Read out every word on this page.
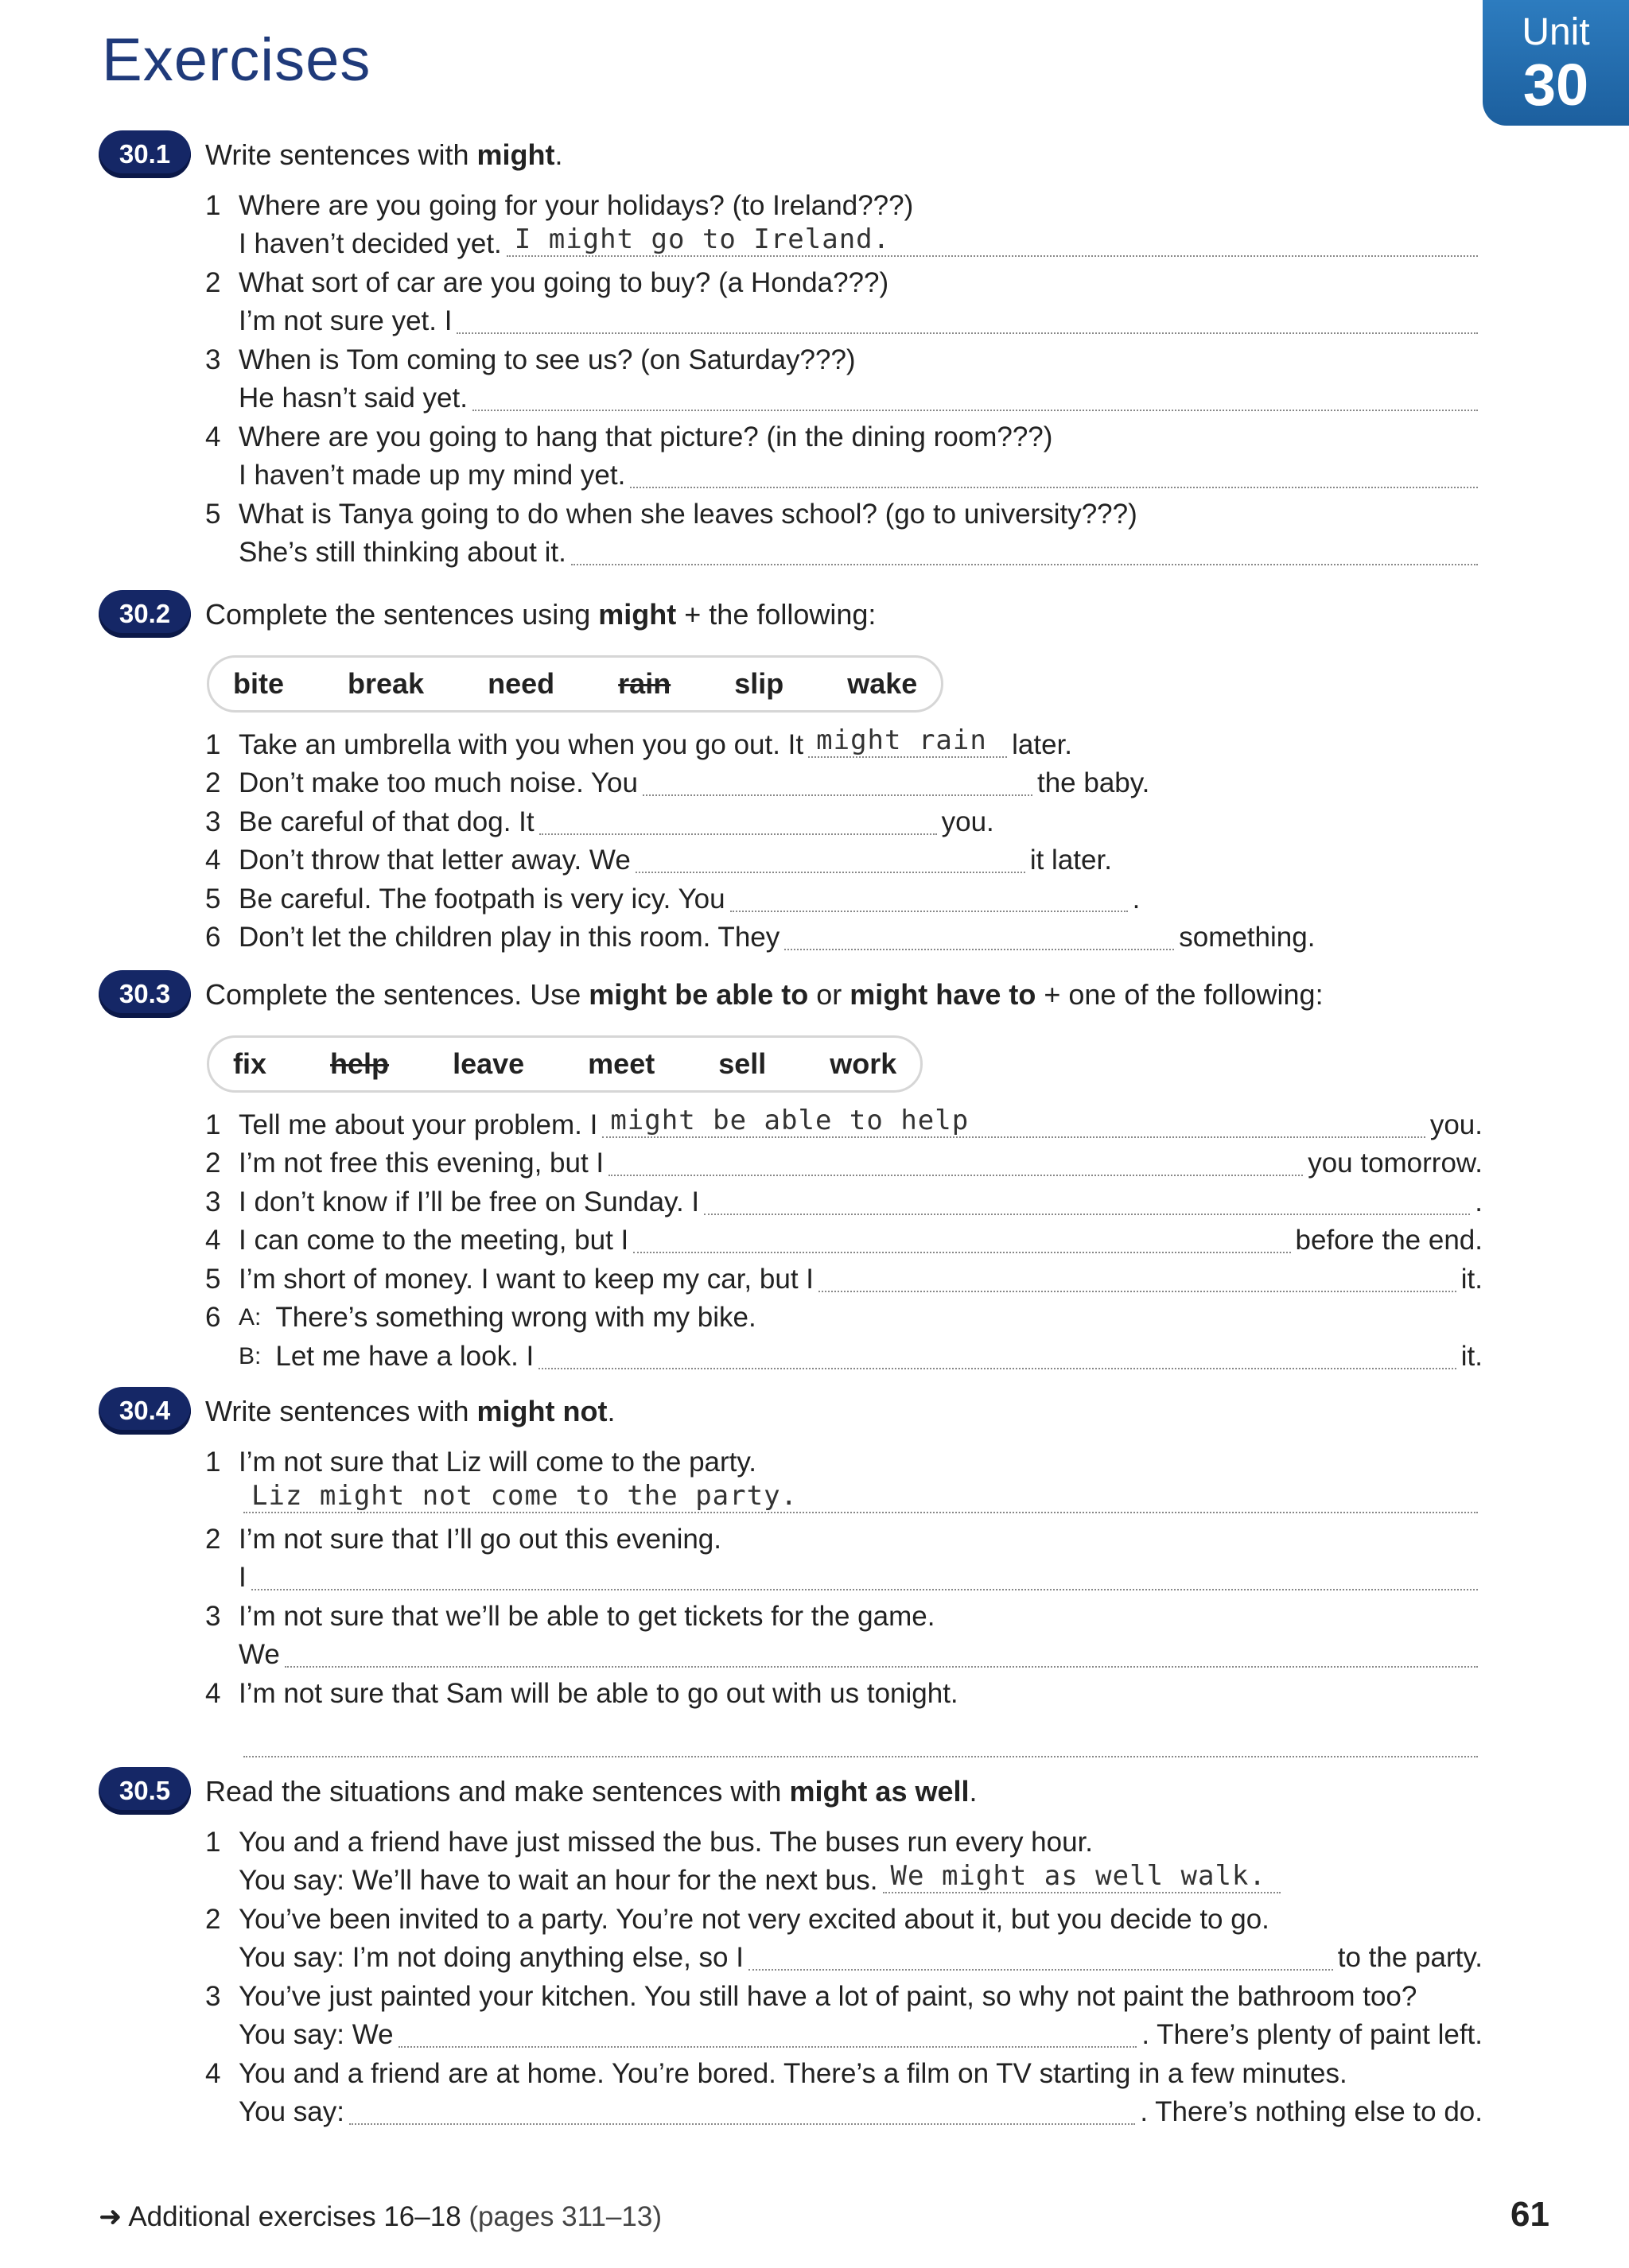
Exercises	Unit
30
30.1	Write sentences with might.
1 Where are you going for your holidays? (to Ireland???)
I haven’t decided yet. I might go to Ireland.
2 What sort of car are you going to buy? (a Honda???)
I’m not sure yet. I
3 When is Tom coming to see us? (on Saturday???)
He hasn’t said yet.
4 Where are you going to hang that picture? (in the dining room???)
I haven’t made up my mind yet.
5 What is Tanya going to do when she leaves school? (go to university???)
She’s still thinking about it.
30.2	Complete the sentences using might + the following:
bite break need rain slip wake
1 Take an umbrella with you when you go out. It might rain later.
2 Don’t make too much noise. You	the baby.
3 Be careful of that dog. It	you.
4 Don’t throw that letter away. We	it later.
5 Be careful. The footpath is very icy. You	.
6 Don’t let the children play in this room. They	something.
30.3	Complete the sentences. Use might be able to or might have to + one of the following:
fix help leave meet sell work
1 Tell me about your problem. I might be able to help	you.
2 I’m not free this evening, but I	you tomorrow.
3 I don’t know if I’ll be free on Sunday. I	.
4 I can come to the meeting, but I	before the end.
5 I’m short of money. I want to keep my car, but I	it.
6 A: There’s something wrong with my bike.
B: Let me have a look. I	it.
30.4	Write sentences with might not.
1 I’m not sure that Liz will come to the party.
Liz might not come to the party.
2 I’m not sure that I’ll go out this evening.
I
3 I’m not sure that we’ll be able to get tickets for the game.
We
4 I’m not sure that Sam will be able to go out with us tonight.
30.5	Read the situations and make sentences with might as well.
1 You and a friend have just missed the bus. The buses run every hour.
You say: We’ll have to wait an hour for the next bus. We might as well walk.
2 You’ve been invited to a party. You’re not very excited about it, but you decide to go.
You say: I’m not doing anything else, so I	to the party.
3 You’ve just painted your kitchen. You still have a lot of paint, so why not paint the bathroom too?
You say: We	. There’s plenty of paint left.
4 You and a friend are at home. You’re bored. There’s a film on TV starting in a few minutes.
You say:	. There’s nothing else to do.
➜ Additional exercises 16–18 (pages 311–13)	61
